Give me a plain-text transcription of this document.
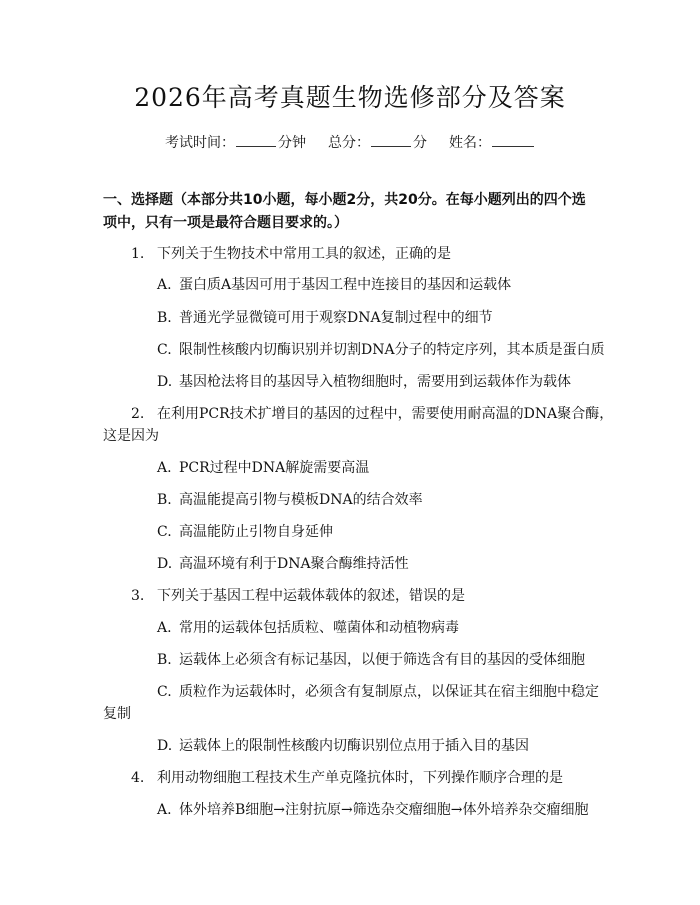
2026年高考真题生物选修部分及答案
考试时间：	分钟 总分：	分 姓名：
一、选择题（本部分共10小题，每小题2分，共20分。在每小题列出的四个选项中，只有一项是最符合题目要求的。）
1. 下列关于生物技术中常用工具的叙述，正确的是
A. 蛋白质A基因可用于基因工程中连接目的基因和运载体
B. 普通光学显微镜可用于观察DNA复制过程中的细节
C. 限制性核酸内切酶识别并切割DNA分子的特定序列，其本质是蛋白质
D. 基因枪法将目的基因导入植物细胞时，需要用到运载体作为载体
2. 在利用PCR技术扩增目的基因的过程中，需要使用耐高温的DNA聚合酶，
这是因为
A. PCR过程中DNA解旋需要高温
B. 高温能提高引物与模板DNA的结合效率
C. 高温能防止引物自身延伸
D. 高温环境有利于DNA聚合酶维持活性
3. 下列关于基因工程中运载体载体的叙述，错误的是
A. 常用的运载体包括质粒、噬菌体和动植物病毒
B. 运载体上必须含有标记基因，以便于筛选含有目的基因的受体细胞
C. 质粒作为运载体时，必须含有复制原点，以保证其在宿主细胞中稳定
复制
D. 运载体上的限制性核酸内切酶识别位点用于插入目的基因
4. 利用动物细胞工程技术生产单克隆抗体时，下列操作顺序合理的是
A. 体外培养B细胞→注射抗原→筛选杂交瘤细胞→体外培养杂交瘤细胞
